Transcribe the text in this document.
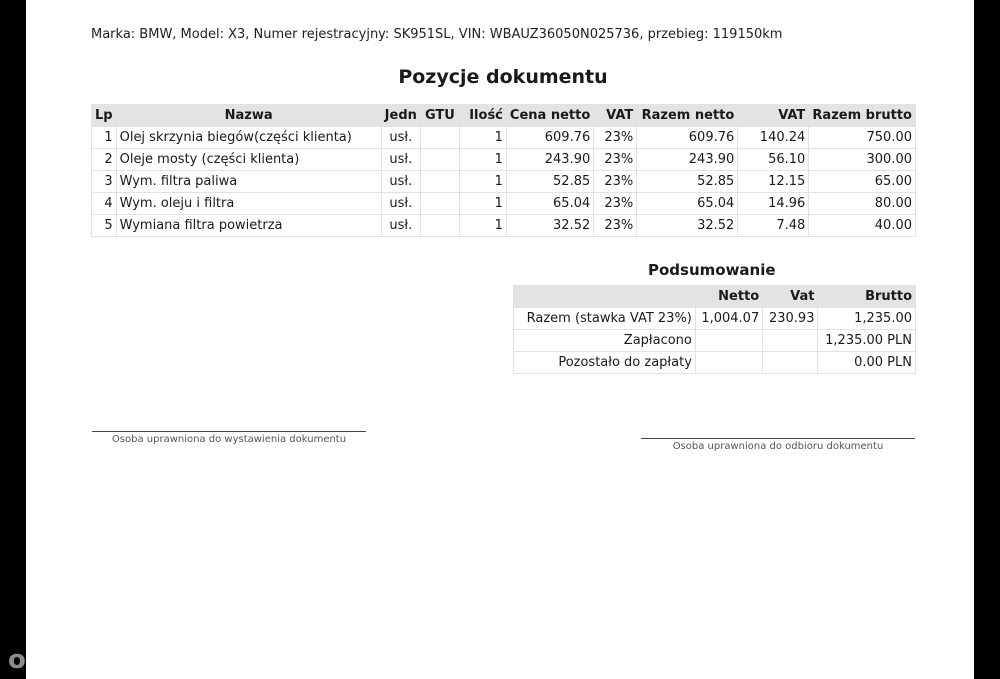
Marka: BMW, Model: X3, Numer rejestracyjny: SK951SL, VIN: WBAUZ36050N025736, przebieg: 119150km
Pozycje dokumentu
Lp	Nazwa	Jedn	GTU	Ilość	Cena netto	VAT	Razem netto	VAT	Razem brutto
1	Olej skrzynia biegów(części klienta)	usł.		1	609.76	23%	609.76	140.24	750.00
2	Oleje mosty (części klienta)	usł.		1	243.90	23%	243.90	56.10	300.00
3	Wym. filtra paliwa	usł.		1	52.85	23%	52.85	12.15	65.00
4	Wym. oleju i filtra	usł.		1	65.04	23%	65.04	14.96	80.00
5	Wymiana filtra powietrza	usł.		1	32.52	23%	32.52	7.48	40.00
Podsumowanie
	Netto	Vat	Brutto
Razem (stawka VAT 23%)	1,004.07	230.93	1,235.00
Zapłacono			1,235.00 PLN
Pozostało do zapłaty			0.00 PLN
Osoba uprawniona do wystawienia dokumentu
Osoba uprawniona do odbioru dokumentu
otomoto
